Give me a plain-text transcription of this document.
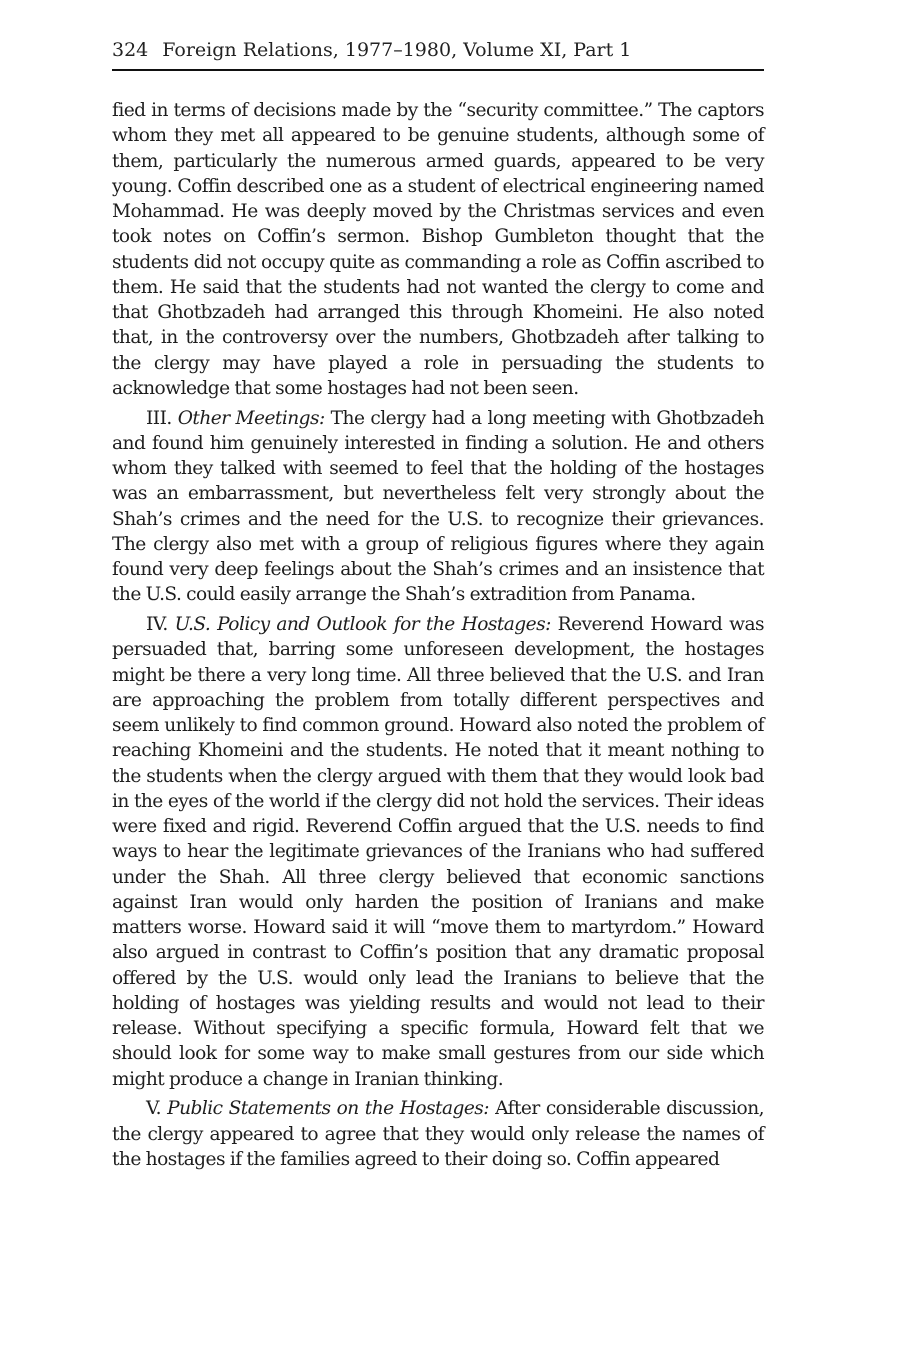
324 Foreign Relations, 1977–1980, Volume XI, Part 1

fied in terms of decisions made by the “security committee.” The captors whom they met all appeared to be genuine students, although some of them, particularly the numerous armed guards, appeared to be very young. Coffin described one as a student of electrical engineering named Mohammad. He was deeply moved by the Christmas services and even took notes on Coffin’s sermon. Bishop Gumbleton thought that the students did not occupy quite as commanding a role as Coffin ascribed to them. He said that the students had not wanted the clergy to come and that Ghotbzadeh had arranged this through Khomeini. He also noted that, in the controversy over the numbers, Ghotbzadeh after talking to the clergy may have played a role in persuading the students to acknowledge that some hostages had not been seen.

III. Other Meetings: The clergy had a long meeting with Ghotbzadeh and found him genuinely interested in finding a solution. He and others whom they talked with seemed to feel that the holding of the hostages was an embarrassment, but nevertheless felt very strongly about the Shah’s crimes and the need for the U.S. to recognize their grievances. The clergy also met with a group of religious figures where they again found very deep feelings about the Shah’s crimes and an insistence that the U.S. could easily arrange the Shah’s extradition from Panama.

IV. U.S. Policy and Outlook for the Hostages: Reverend Howard was persuaded that, barring some unforeseen development, the hostages might be there a very long time. All three believed that the U.S. and Iran are approaching the problem from totally different perspectives and seem unlikely to find common ground. Howard also noted the problem of reaching Khomeini and the students. He noted that it meant nothing to the students when the clergy argued with them that they would look bad in the eyes of the world if the clergy did not hold the services. Their ideas were fixed and rigid. Reverend Coffin argued that the U.S. needs to find ways to hear the legitimate grievances of the Iranians who had suffered under the Shah. All three clergy believed that economic sanctions against Iran would only harden the position of Iranians and make matters worse. Howard said it will “move them to martyrdom.” Howard also argued in contrast to Coffin’s position that any dramatic proposal offered by the U.S. would only lead the Iranians to believe that the holding of hostages was yielding results and would not lead to their release. Without specifying a specific formula, Howard felt that we should look for some way to make small gestures from our side which might produce a change in Iranian thinking.

V. Public Statements on the Hostages: After considerable discussion, the clergy appeared to agree that they would only release the names of the hostages if the families agreed to their doing so. Coffin appeared
